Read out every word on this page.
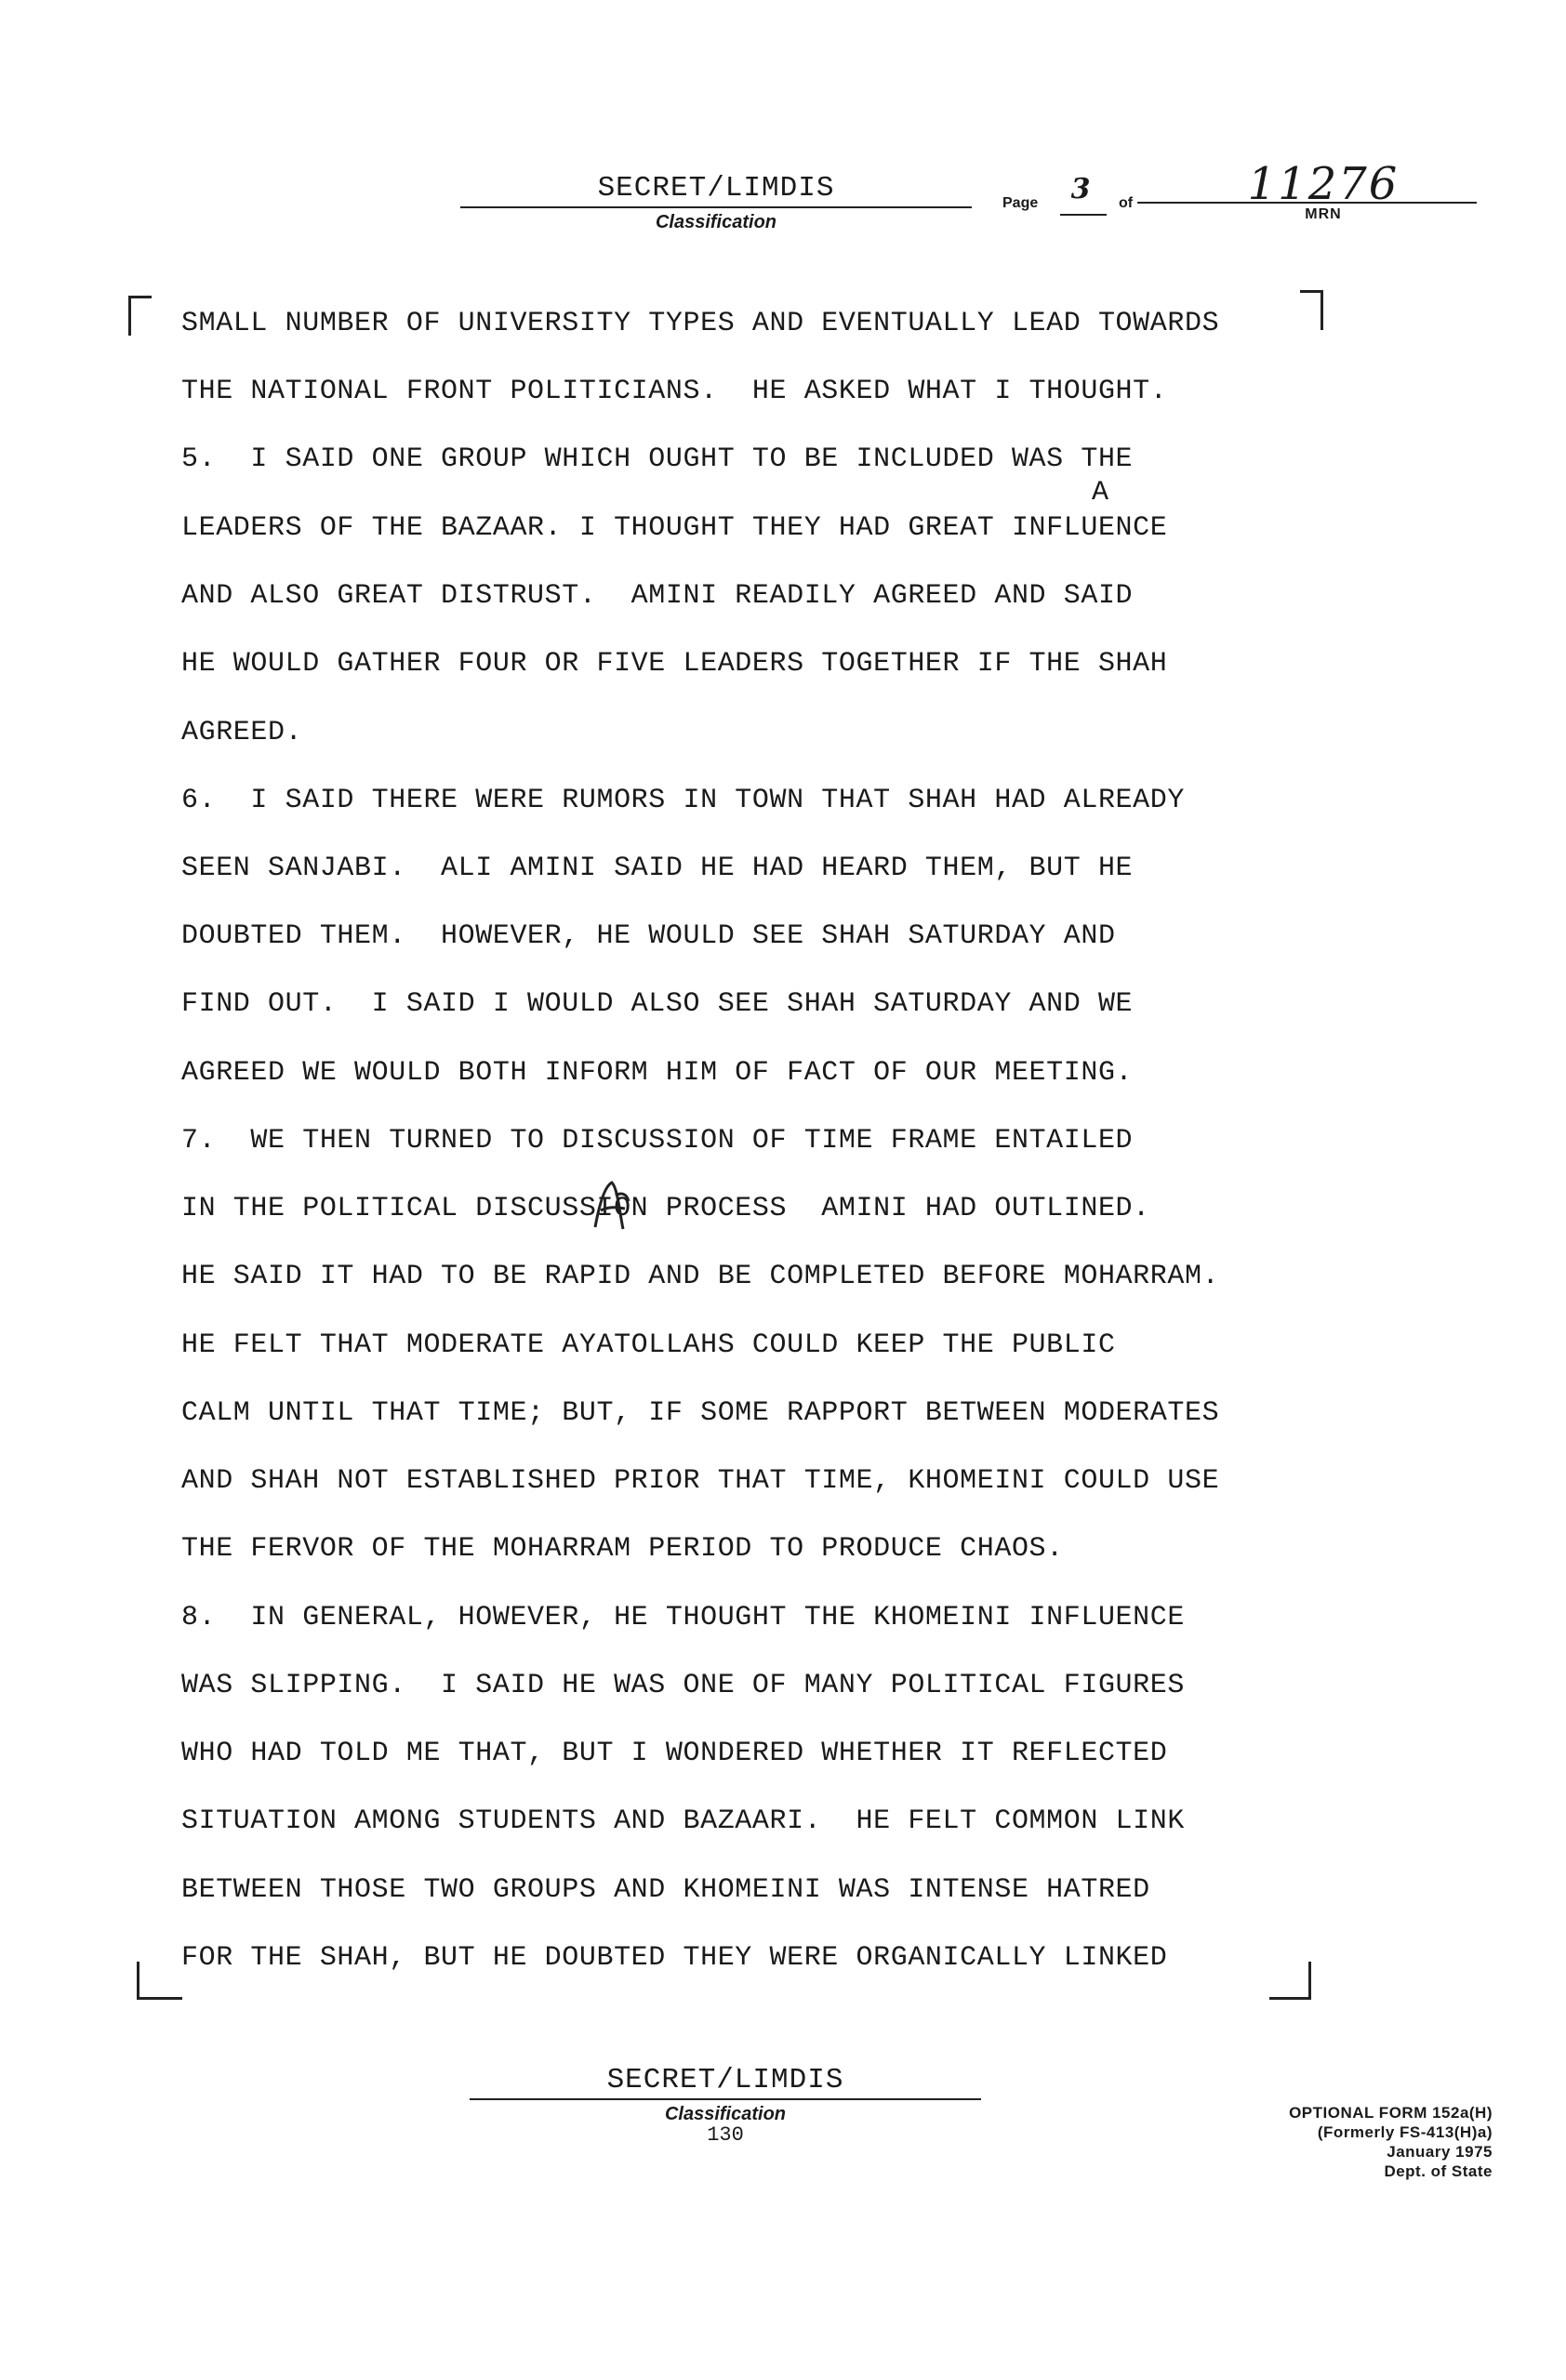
SECRET/LIMDIS
Classification
Page	3	of	11276
MRN
SMALL NUMBER OF UNIVERSITY TYPES AND EVENTUALLY LEAD TOWARDS
THE NATIONAL FRONT POLITICIANS.  HE ASKED WHAT I THOUGHT.
5.  I SAID ONE GROUP WHICH OUGHT TO BE INCLUDED WAS THE
LEADERS OF THE BAZAAR. I THOUGHT THEY HAD GREAT INFLUENCE
AND ALSO GREAT DISTRUST.  AMINI READILY AGREED AND SAID
HE WOULD GATHER FOUR OR FIVE LEADERS TOGETHER IF THE SHAH
AGREED.
6.  I SAID THERE WERE RUMORS IN TOWN THAT SHAH HAD ALREADY
SEEN SANJABI.  ALI AMINI SAID HE HAD HEARD THEM, BUT HE
DOUBTED THEM.  HOWEVER, HE WOULD SEE SHAH SATURDAY AND
FIND OUT.  I SAID I WOULD ALSO SEE SHAH SATURDAY AND WE
AGREED WE WOULD BOTH INFORM HIM OF FACT OF OUR MEETING.
7.  WE THEN TURNED TO DISCUSSION OF TIME FRAME ENTAILED
IN THE POLITICAL DISCUSSION PROCESS  AMINI HAD OUTLINED.
HE SAID IT HAD TO BE RAPID AND BE COMPLETED BEFORE MOHARRAM.
HE FELT THAT MODERATE AYATOLLAHS COULD KEEP THE PUBLIC
CALM UNTIL THAT TIME; BUT, IF SOME RAPPORT BETWEEN MODERATES
AND SHAH NOT ESTABLISHED PRIOR THAT TIME, KHOMEINI COULD USE
THE FERVOR OF THE MOHARRAM PERIOD TO PRODUCE CHAOS.
8.  IN GENERAL, HOWEVER, HE THOUGHT THE KHOMEINI INFLUENCE
WAS SLIPPING.  I SAID HE WAS ONE OF MANY POLITICAL FIGURES
WHO HAD TOLD ME THAT, BUT I WONDERED WHETHER IT REFLECTED
SITUATION AMONG STUDENTS AND BAZAARI.  HE FELT COMMON LINK
BETWEEN THOSE TWO GROUPS AND KHOMEINI WAS INTENSE HATRED
FOR THE SHAH, BUT HE DOUBTED THEY WERE ORGANICALLY LINKED
A
SECRET/LIMDIS
Classification
130
OPTIONAL FORM 152a(H)
(Formerly FS-413(H)a)
January 1975
Dept. of State
